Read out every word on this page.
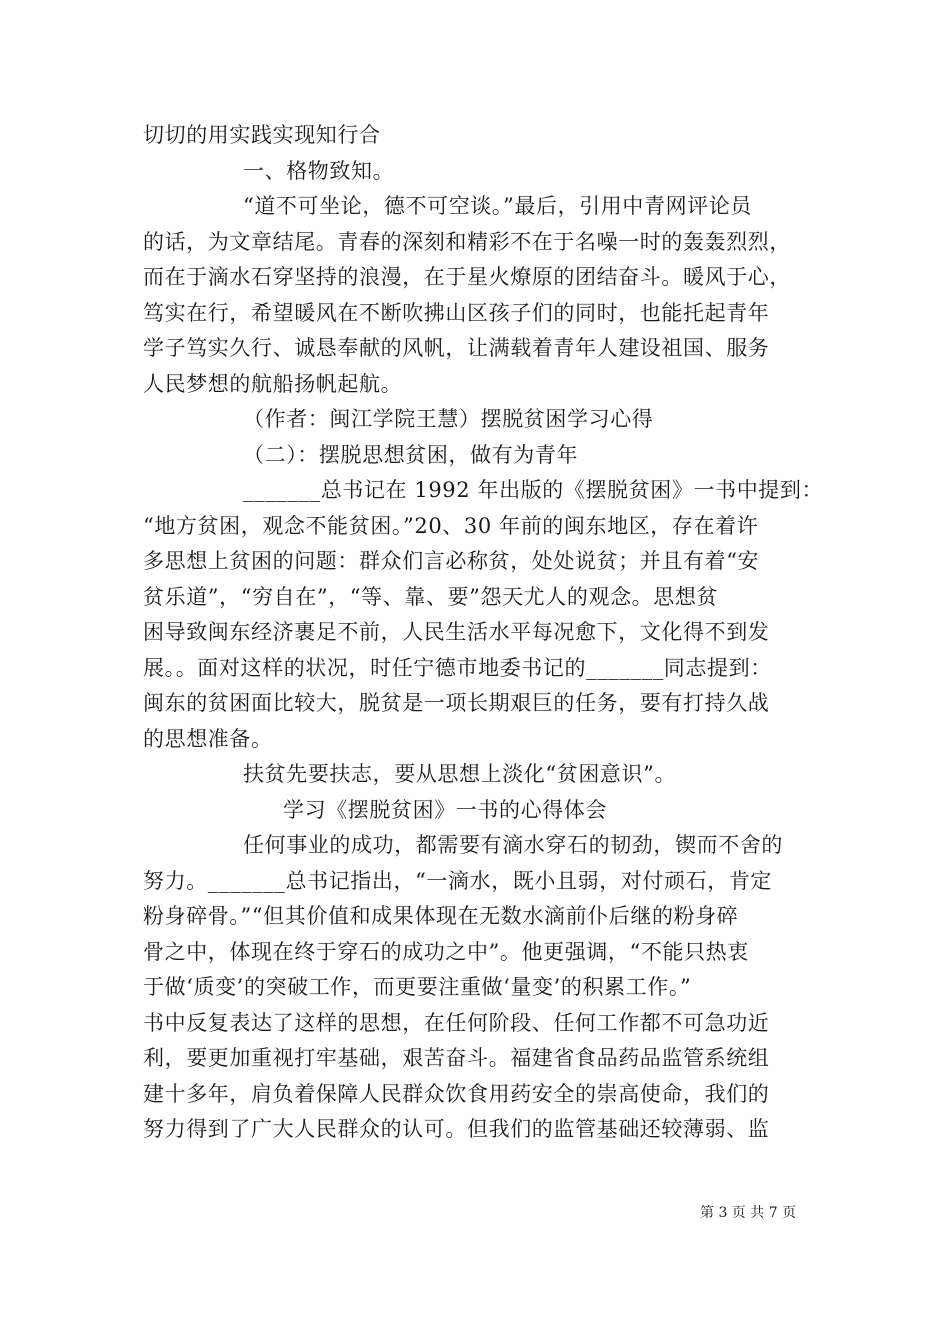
切切的用实践实现知行合
一、格物致知。
“道不可坐论，德不可空谈。”最后，引用中青网评论员
的话，为文章结尾。青春的深刻和精彩不在于名噪一时的轰轰烈烈，
而在于滴水石穿坚持的浪漫，在于星火燎原的团结奋斗。暖风于心，
笃实在行，希望暖风在不断吹拂山区孩子们的同时，也能托起青年
学子笃实久行、诚恳奉献的风帆，让满载着青年人建设祖国、服务
人民梦想的航船扬帆起航。
（作者：闽江学院王慧）摆脱贫困学习心得
（二）：摆脱思想贫困，做有为青年
_______总书记在 1992 年出版的《摆脱贫困》一书中提到：
“地方贫困，观念不能贫困。”20、30 年前的闽东地区，存在着许
多思想上贫困的问题：群众们言必称贫，处处说贫；并且有着“安
贫乐道”，“穷自在”，“等、靠、要”怨天尤人的观念。思想贫
困导致闽东经济裹足不前，人民生活水平每况愈下，文化得不到发
展。。面对这样的状况，时任宁德市地委书记的_______同志提到：
闽东的贫困面比较大，脱贫是一项长期艰巨的任务，要有打持久战
的思想准备。
扶贫先要扶志，要从思想上淡化“贫困意识”。
学习《摆脱贫困》一书的心得体会
任何事业的成功，都需要有滴水穿石的韧劲，锲而不舍的
努力。_______总书记指出，“一滴水，既小且弱，对付顽石，肯定
粉身碎骨。”“但其价值和成果体现在无数水滴前仆后继的粉身碎
骨之中，体现在终于穿石的成功之中”。他更强调，“不能只热衷
于做‘质变’的突破工作，而更要注重做‘量变’的积累工作。”
书中反复表达了这样的思想，在任何阶段、任何工作都不可急功近
利，要更加重视打牢基础，艰苦奋斗。福建省食品药品监管系统组
建十多年，肩负着保障人民群众饮食用药安全的崇高使命，我们的
努力得到了广大人民群众的认可。但我们的监管基础还较薄弱、监
第 3 页 共 7 页
